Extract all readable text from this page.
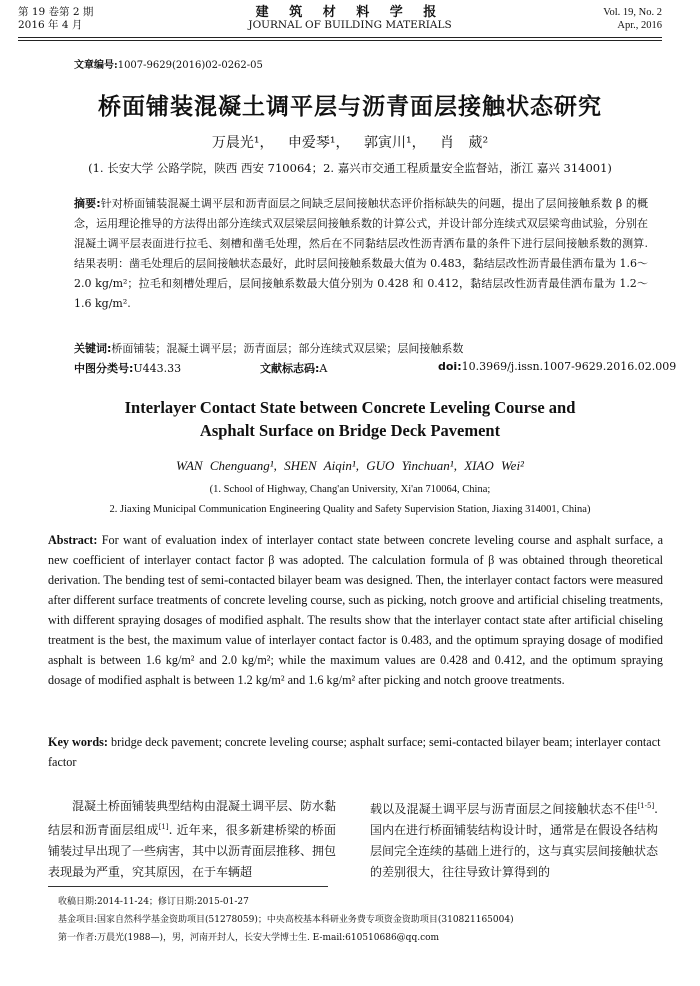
第 19 卷第 2 期
2016 年 4 月
建 筑 材 料 学 报
JOURNAL OF BUILDING MATERIALS
Vol. 19, No. 2
Apr., 2016
文章编号:1007-9629(2016)02-0262-05
桥面铺装混凝土调平层与沥青面层接触状态研究
万晨光¹， 申爱琴¹， 郭寅川¹， 肖 葳²
(1. 长安大学 公路学院，陕西 西安 710064；2. 嘉兴市交通工程质量安全监督站，浙江 嘉兴 314001)
摘要:针对桥面铺装混凝土调平层和沥青面层之间缺乏层间接触状态评价指标缺失的问题，提出了层间接触系数 β 的概念，运用理论推导的方法得出部分连续式双层梁层间接触系数的计算公式，并设计部分连续式双层梁弯曲试验，分别在混凝土调平层表面进行拉毛、刻槽和凿毛处理，然后在不同黏结层改性沥青洒布量的条件下进行层间接触系数的测算. 结果表明：凿毛处理后的层间接触状态最好，此时层间接触系数最大值为 0.483，黏结层改性沥青最佳洒布量为 1.6～2.0 kg/m²；拉毛和刻槽处理后，层间接触系数最大值分别为 0.428 和 0.412，黏结层改性沥青最佳洒布量为 1.2～1.6 kg/m².
关键词:桥面铺装；混凝土调平层；沥青面层；部分连续式双层梁；层间接触系数
中图分类号:U443.33	文献标志码:A	doi:10.3969/j.issn.1007-9629.2016.02.009
Interlayer Contact State between Concrete Leveling Course and
Asphalt Surface on Bridge Deck Pavement
WAN Chenguang¹, SHEN Aiqin¹, GUO Yinchuan¹, XIAO Wei²
(1. School of Highway, Chang'an University, Xi'an 710064, China;
2. Jiaxing Municipal Communication Engineering Quality and Safety Supervision Station, Jiaxing 314001, China)
Abstract: For want of evaluation index of interlayer contact state between concrete leveling course and asphalt surface, a new coefficient of interlayer contact factor β was adopted. The calculation formula of β was obtained through theoretical derivation. The bending test of semi-contacted bilayer beam was designed. Then, the interlayer contact factors were measured after different surface treatments of concrete leveling course, such as picking, notch groove and artificial chiseling treatments, with different spraying dosages of modified asphalt. The results show that the interlayer contact state after artificial chiseling treatment is the best, the maximum value of interlayer contact factor is 0.483, and the optimum spraying dosage of modified asphalt is between 1.6 kg/m² and 2.0 kg/m²; while the maximum values are 0.428 and 0.412, and the optimum spraying dosage of modified asphalt is between 1.2 kg/m² and 1.6 kg/m² after picking and notch groove treatments.
Key words: bridge deck pavement; concrete leveling course; asphalt surface; semi-contacted bilayer beam; interlayer contact factor
混凝土桥面铺装典型结构由混凝土调平层、防水黏结层和沥青面层组成[1]. 近年来，很多新建桥梁的桥面铺装过早出现了一些病害，其中以沥青面层推移、拥包表现最为严重，究其原因，在于车辆超
载以及混凝土调平层与沥青面层之间接触状态不佳[1-5]. 国内在进行桥面铺装结构设计时，通常是在假设各结构层间完全连续的基础上进行的，这与真实层间接触状态的差别很大，往往导致计算得到的
收稿日期:2014-11-24；修订日期:2015-01-27
基金项目:国家自然科学基金资助项目(51278059)；中央高校基本科研业务费专项资金资助项目(310821165004)
第一作者:万晨光(1988—)，男，河南开封人，长安大学博士生. E-mail:610510686@qq.com
